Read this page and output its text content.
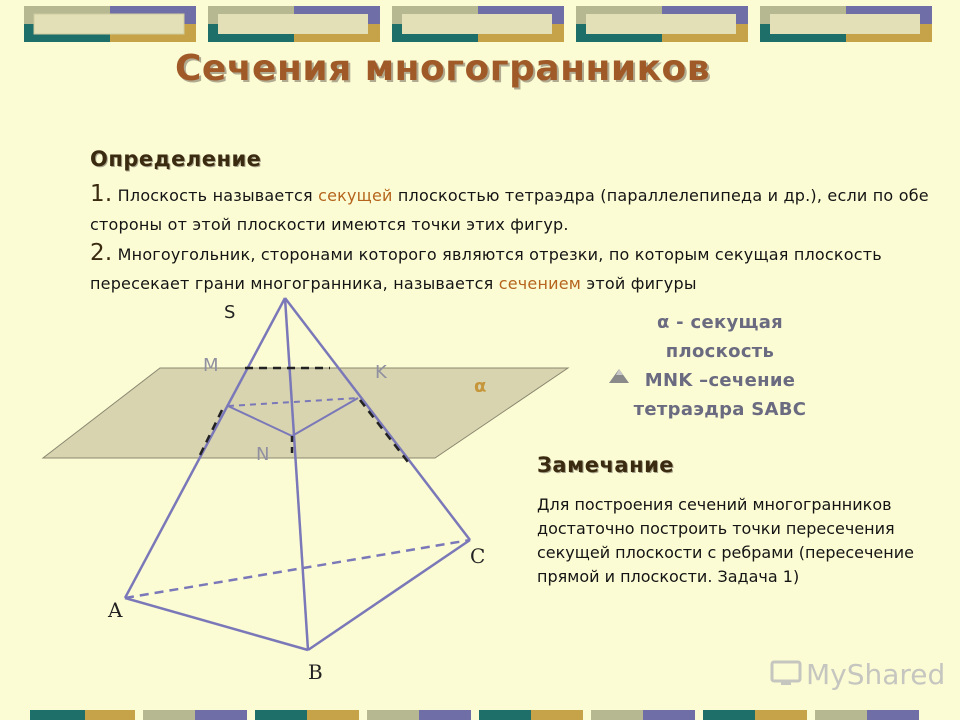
Сечения многогранников
Определение
1. Плоскость называется секущей плоскостью тетраэдра (параллелепипеда и др.), если по обе стороны от этой плоскости имеются точки этих фигур.
2. Многоугольник, сторонами которого являются отрезки, по которым секущая плоскость пересекает грани многогранника, называется сечением этой фигуры
S
M	K
N
α
A
B
C
α - секущая
плоскость
MNK –сечение
тетраэдра SABC
Замечание
Для построения сечений многогранников достаточно построить точки пересечения секущей плоскости с ребрами (пересечение прямой и плоскости. Задача 1)
MyShared
